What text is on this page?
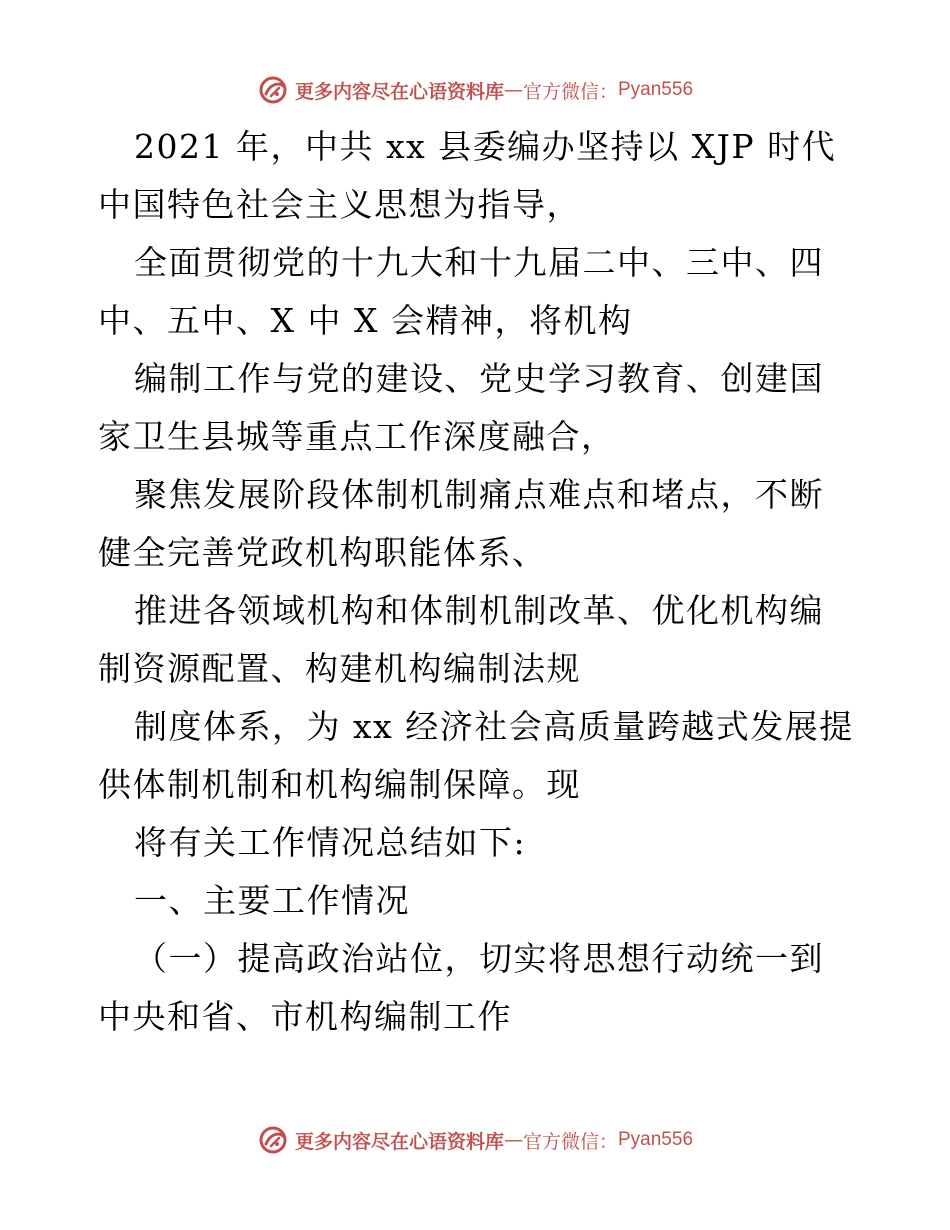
更多内容尽在心语资料库 — 官方微信： Pyan556

2021 年，中共 xx 县委编办坚持以 XJP 时代中国特色社会主义思想为指导，

全面贯彻党的十九大和十九届二中、三中、四中、五中、X 中 X 会精神，将机构

编制工作与党的建设、党史学习教育、创建国家卫生县城等重点工作深度融合，

聚焦发展阶段体制机制痛点难点和堵点，不断健全完善党政机构职能体系、

推进各领域机构和体制机制改革、优化机构编制资源配置、构建机构编制法规

制度体系，为 xx 经济社会高质量跨越式发展提供体制机制和机构编制保障。现

将有关工作情况总结如下:

一、主要工作情况

（一）提高政治站位，切实将思想行动统一到中央和省、市机构编制工作

更多内容尽在心语资料库 — 官方微信： Pyan556
